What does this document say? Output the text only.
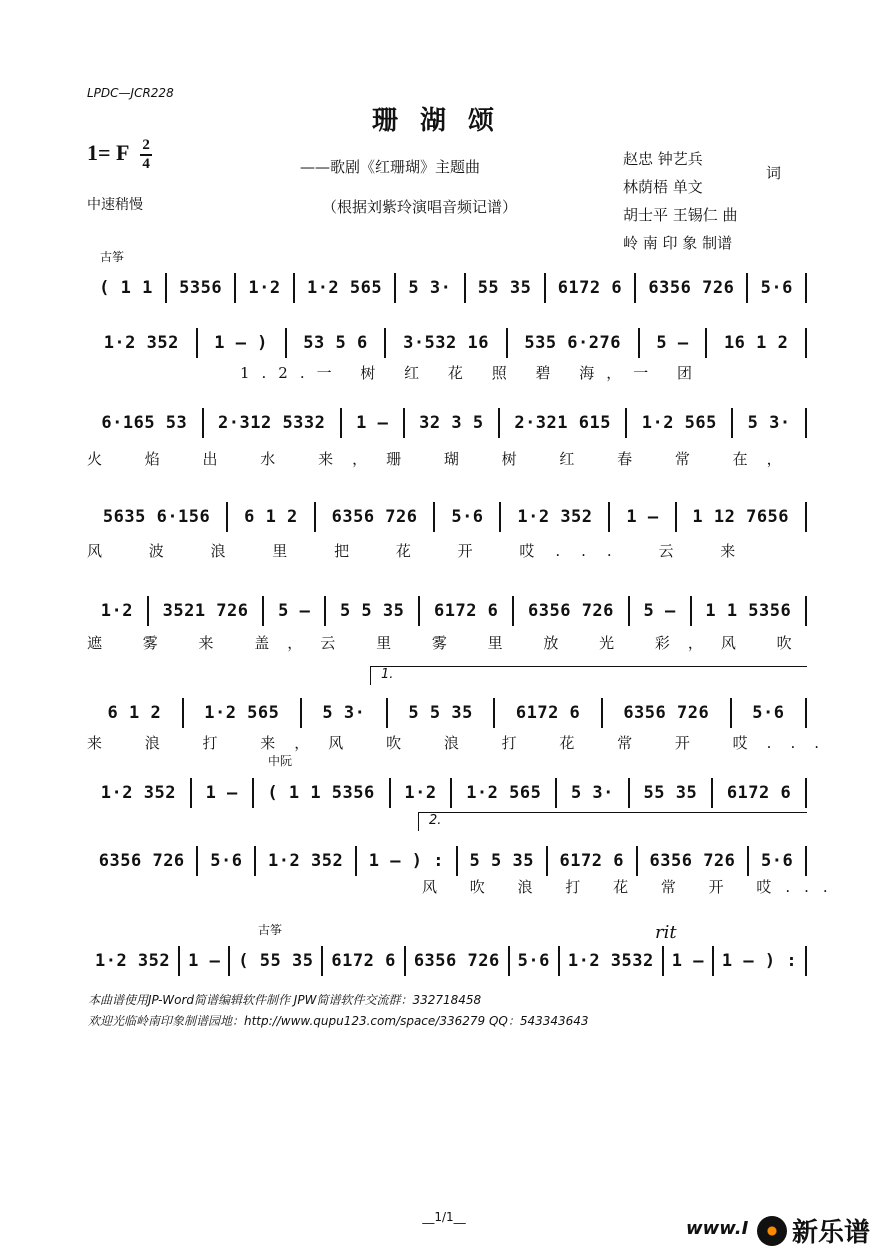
LPDC—JCR228
珊湖颂
1= F $\frac{2}{4}$
中速稍慢
——歌剧《红珊瑚》主题曲
（根据刘紫玲演唱音频记谱）
赵忠 钟艺兵
林荫梧 单文
词
胡士平 王锡仁 曲
岭 南 印 象 制谱
古筝
中阮
古筝
( 1 1	5356	1·2	1·2 565	5 3·	55 35	6172 6	6356 726	5·6
1·2 352	1 – )	53 5 6	3·532 16	535 6·276	5 –	16 1 2
1.2.一 树 红 花 照 碧 海，一 团
6·165 53	2·312 5332	1 –	32 3 5	2·321 615	1·2 565	5 3·
火 焰 出 水 来，珊 瑚 树 红 春 常 在，
5635 6·156	6 1 2	6356 726	5·6	1·2 352	1 –	1 12 7656
风 波 浪 里 把 花 开 哎... 云 来
1·2	3521 726	5 –	5 5 35	6172 6	6356 726	5 –	1 1 5356
遮 雾 来 盖，云 里 雾 里 放 光 彩，风 吹
1.
6 1 2	1·2 565	5 3·	5 5 35	6172 6	6356 726	5·6
来 浪 打 来，风 吹 浪 打 花 常 开 哎...
1·2 352	1 –	( 1 1 5356	1·2	1·2 565	5 3·	55 35	6172 6
2.
6356 726	5·6	1·2 352	1 – ) :	5 5 35	6172 6	6356 726	5·6
风 吹 浪 打 花 常 开 哎...
rit
1·2 352	1 –	( 55 35	6172 6	6356 726	5·6	1·2 3532	1 –	1 – ) :
本曲谱使用JP-Word简谱编辑软件制作 JPW简谱软件交流群：332718458
欢迎光临岭南印象制谱园地：http://www.qupu123.com/space/336279 QQ：543343643
__1/1__
www.I 新乐谱
